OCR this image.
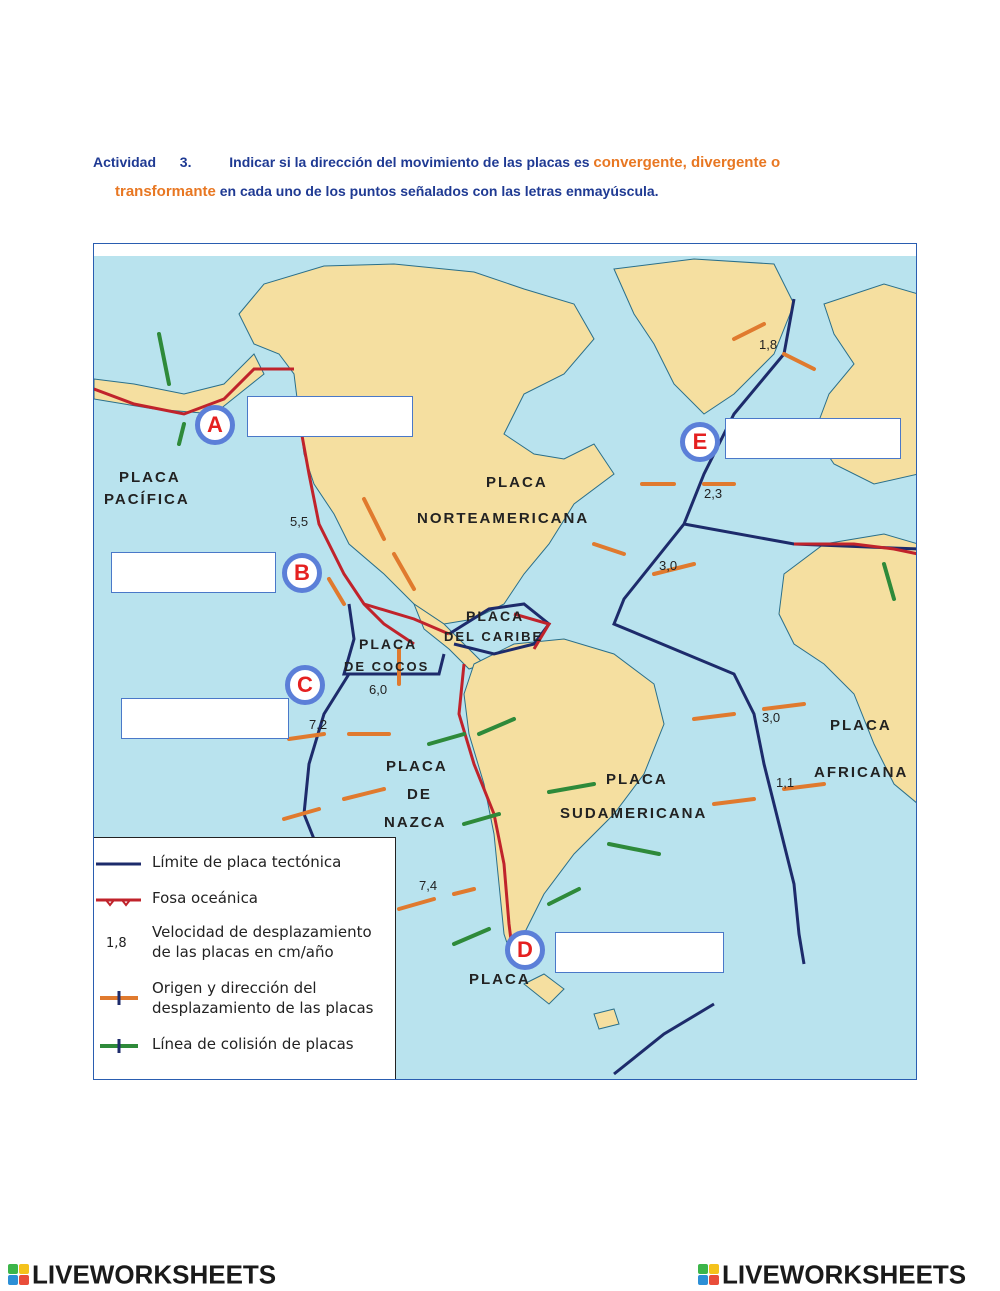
Actividad 3.	Indicar si la dirección del movimiento de las placas es convergente, divergente o
transformante en cada uno de los puntos señalados con las letras enmayúscula.
PLACA
PACÍFICA
PLACA
NORTEAMERICANA
PLACA
DEL CARIBE
PLACA
DE COCOS
PLACA
DE
NAZCA
PLACA
SUDAMERICANA
PLACA
AFRICANA
PLACA
1,8
2,3
5,5
3,0
6,0
7,2	3,0
1,1
7,4
Límite de placa tectónica
Fosa oceánica
1,8
Velocidad de desplazamiento
de las placas en cm/año
Origen y dirección del
desplazamiento de las placas
Línea de colisión de placas
A
B
C
D
E
LIVEWORKSHEETS	LIVEWORKSHEETS
